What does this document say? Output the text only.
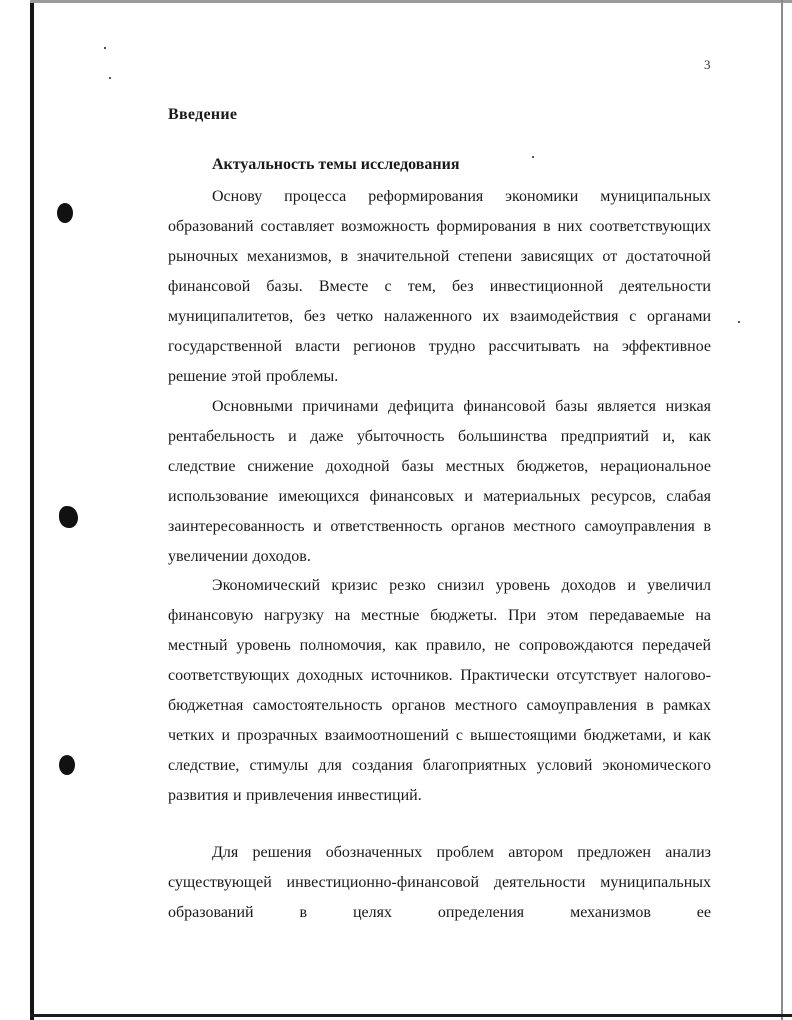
3

Введение
Актуальность темы исследования

Основу процесса реформирования экономики муниципальных образований составляет возможность формирования в них соответствующих рыночных механизмов, в значительной степени зависящих от достаточной финансовой базы. Вместе с тем, без инвестиционной деятельности муниципалитетов, без четко налаженного их взаимодействия с органами государственной власти регионов трудно рассчитывать на эффективное решение этой проблемы.

Основными причинами дефицита финансовой базы является низкая рентабельность и даже убыточность большинства предприятий и, как следствие снижение доходной базы местных бюджетов, нерациональное использование имеющихся финансовых и материальных ресурсов, слабая заинтересованность и ответственность органов местного самоуправления в увеличении доходов.

Экономический кризис резко снизил уровень доходов и увеличил финансовую нагрузку на местные бюджеты. При этом передаваемые на местный уровень полномочия, как правило, не сопровождаются передачей соответствующих доходных источников. Практически отсутствует налогово-бюджетная самостоятельность органов местного самоуправления в рамках четких и прозрачных взаимоотношений с вышестоящими бюджетами, и как следствие, стимулы для создания благоприятных условий экономического развития и привлечения инвестиций.

Для решения обозначенных проблем автором предложен анализ существующей инвестиционно-финансовой деятельности муниципальных образований в целях определения механизмов ее
